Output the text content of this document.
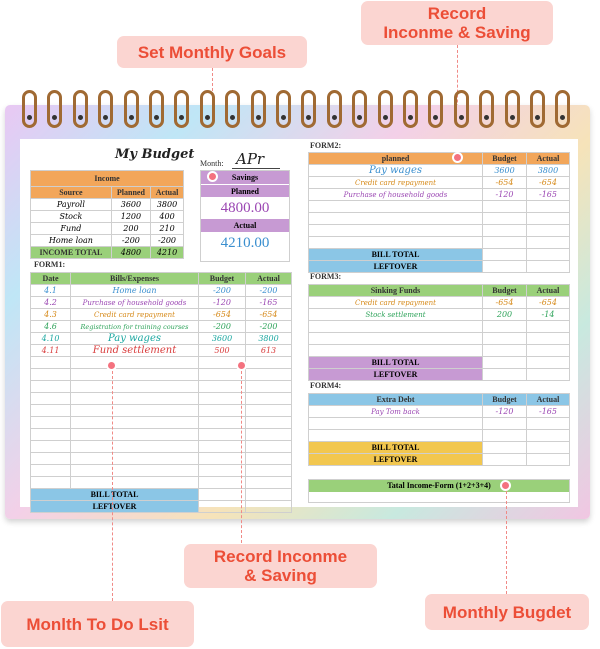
Record
Inconme & Saving
Set Monthly Goals
My Budget
Month: APr
Income		
Source	Planned	Actual
Payroll	3600	3800
Stock	1200	400
Fund	200	210
Home loan	-200	-200
INCOME TOTAL	4800	4210
Savings
Planned
4800.00
Actual
4210.00
FORM1:
Date	Bills/Expenses	Budget	Actual
4.1	Home loan	-200	-200
4.2	Purchase of household goods	-120	-165
4.3	Credit card repayment	-654	-654
4.6	Registration for training courses	-200	-200
4.10	Pay wages	3600	3800
4.11	Fund settlement	500	613

BILL TOTAL			
LEFTOVER			
FORM2:
planned	Budget	Actual
Pay wages	3600	3800
Credit card repayment	-654	-654
Purchase of household goods	-120	-165

BILL TOTAL		
LEFTOVER		
FORM3:
Sinking Funds	Budget	Actual
Credit card repayment	-654	-654
Stock settlement	200	-14

BILL TOTAL		
LEFTOVER		
FORM4:
Extra Debt	Budget	Actual
Pay Tom back	-120	-165

BILL TOTAL		
LEFTOVER		
Tatal Income-Form (1+2+3+4)
Record Inconme
& Saving
Monlth To Do Lsit
Monthly Bugdet
